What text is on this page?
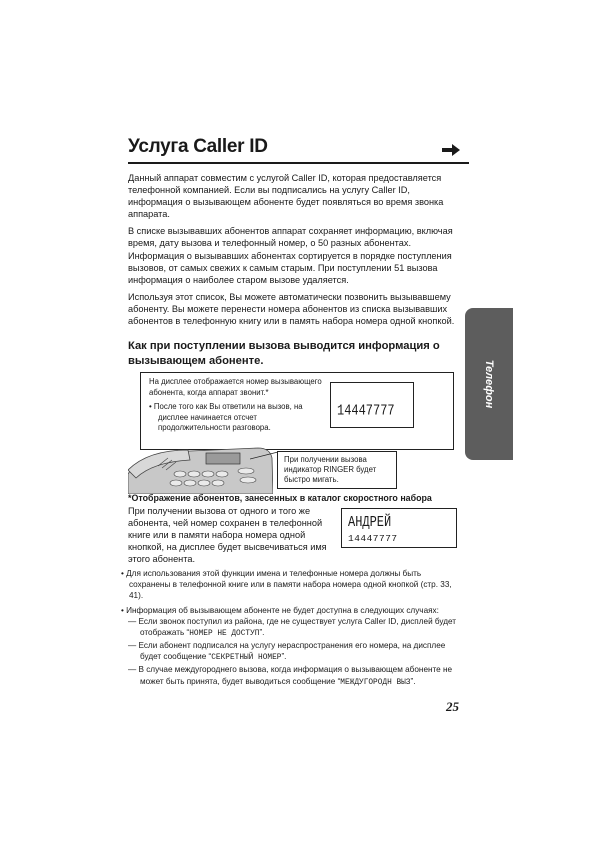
Услуга Caller ID
Телефон

Данный аппарат совместим с услугой Caller ID, которая предоставляется телефонной компанией. Если вы подписались на услугу Caller ID, информация о вызывающем абоненте будет появляться во время звонка аппарата.

В списке вызывавших абонентов аппарат сохраняет информацию, включая время, дату вызова и телефонный номер, о 50 разных абонентах. Информация о вызывавших абонентах сортируется в порядке поступления вызовов, от самых свежих к самым старым. При поступлении 51 вызова информация о наиболее старом вызове удаляется.

Используя этот список, Вы можете автоматически позвонить вызывавшему абоненту. Вы можете перенести номера абонентов из списка вызывавших абонентов в телефонную книгу или в память набора номера одной кнопкой.

Как при поступлении вызова выводится информация о вызывающем абоненте.

На дисплее отображается номер вызывающего абонента, когда аппарат звонит.*

• После того как Вы ответили на вызов, на дисплее начинается отсчет продолжительности разговора.

14447777
При получении вызова индикатор RINGER будет быстро мигать.
*Отображение абонентов, занесенных в каталог скоростного набора
При получении вызова от одного и того же абонента, чей номер сохранен в телефонной книге или в памяти набора номера одной кнопкой, на дисплее будет высвечиваться имя этого абонента.
АНДРЕЙ
14447777

• Для использования этой функции имена и телефонные номера должны быть сохранены в телефонной книге или в памяти набора номера одной кнопкой (стр. 33, 41).

• Информация об вызывающем абоненте не будет доступна в следующих случаях:

— Если звонок поступил из района, где не существует услуга Caller ID, дисплей будет отображать “НОМЕР НЕ ДОСТУП”.

— Если абонент подписался на услугу нераспространения его номера, на дисплее будет сообщение “СЕКРЕТНЫЙ НОМЕР”.

— В случае междугороднего вызова, когда информация о вызывающем абоненте не может быть принята, будет выводиться сообщение “МЕЖДУГОРОДН ВЫЗ”.

25
